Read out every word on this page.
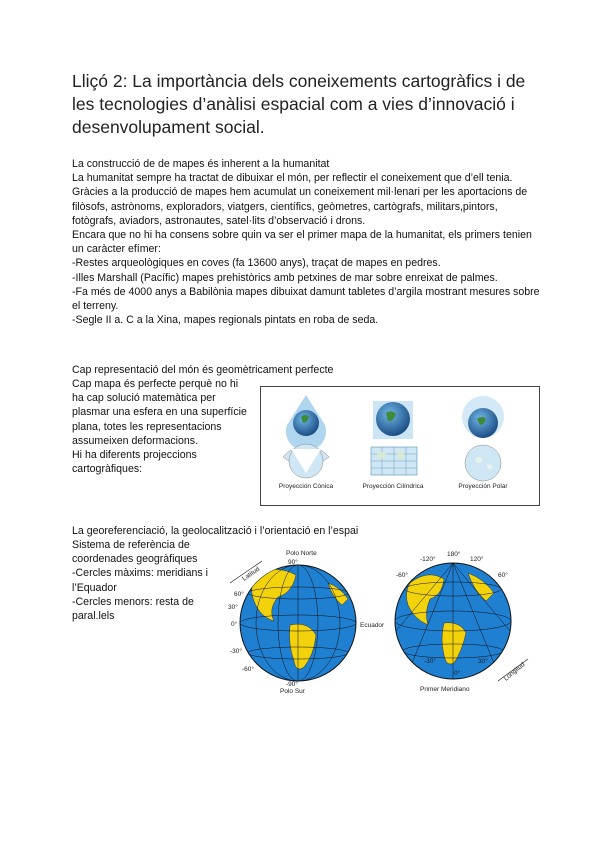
Lliçó 2: La importància dels coneixements cartogràfics i de les tecnologies d’anàlisi espacial com a vies d’innovació i desenvolupament social.

La construcció de de mapes és inherent a la humanitat

La humanitat sempre ha tractat de dibuixar el món, per reflectir el coneixement que d’ell tenia.

Gràcies a la producció de mapes hem acumulat un coneixement mil·lenari per les aportacions de filòsofs, astrònoms, exploradors, viatgers, científics, geòmetres, cartògrafs, militars,pintors, fotògrafs, aviadors, astronautes, satel·lits d’observació i drons.

Encara que no hi ha consens sobre quin va ser el primer mapa de la humanitat, els primers tenien un caràcter efímer:

-Restes arqueològiques en coves (fa 13600 anys), traçat de mapes en pedres.

-Illes Marshall (Pacífic) mapes prehistòrics amb petxines de mar sobre enreixat de palmes.

-Fa més de 4000 anys a Babilònia mapes dibuixat damunt tabletes d’argila mostrant mesures sobre el terreny.

-Segle II a. C a la Xina, mapes regionals pintats en roba de seda.

Cap representació del món és geomètricament perfecte

Cap mapa és perfecte perquè no hi ha cap solució matemàtica per plasmar una esfera en una superfície plana, totes les representacions assumeixen deformacions.

Hi ha diferents projeccions cartogràfiques:

Proyección Cónica	Proyección Cilíndrica	Proyección Polar
La georeferenciació, la geolocalització i l’orientació en l’espai

Sistema de referència de coordenades geogràfiques

-Cercles màxims: meridians i l’Equador

-Cercles menors: resta de paral.lels

Latitud
Polo Norte
90°
60°
30°
0°
-30°
-60°
-90°
Polo Sur
Ecuador
Longitud
Primer Meridiano
180°
-120°	120°
-60°	60°
-30°	30°
0°
